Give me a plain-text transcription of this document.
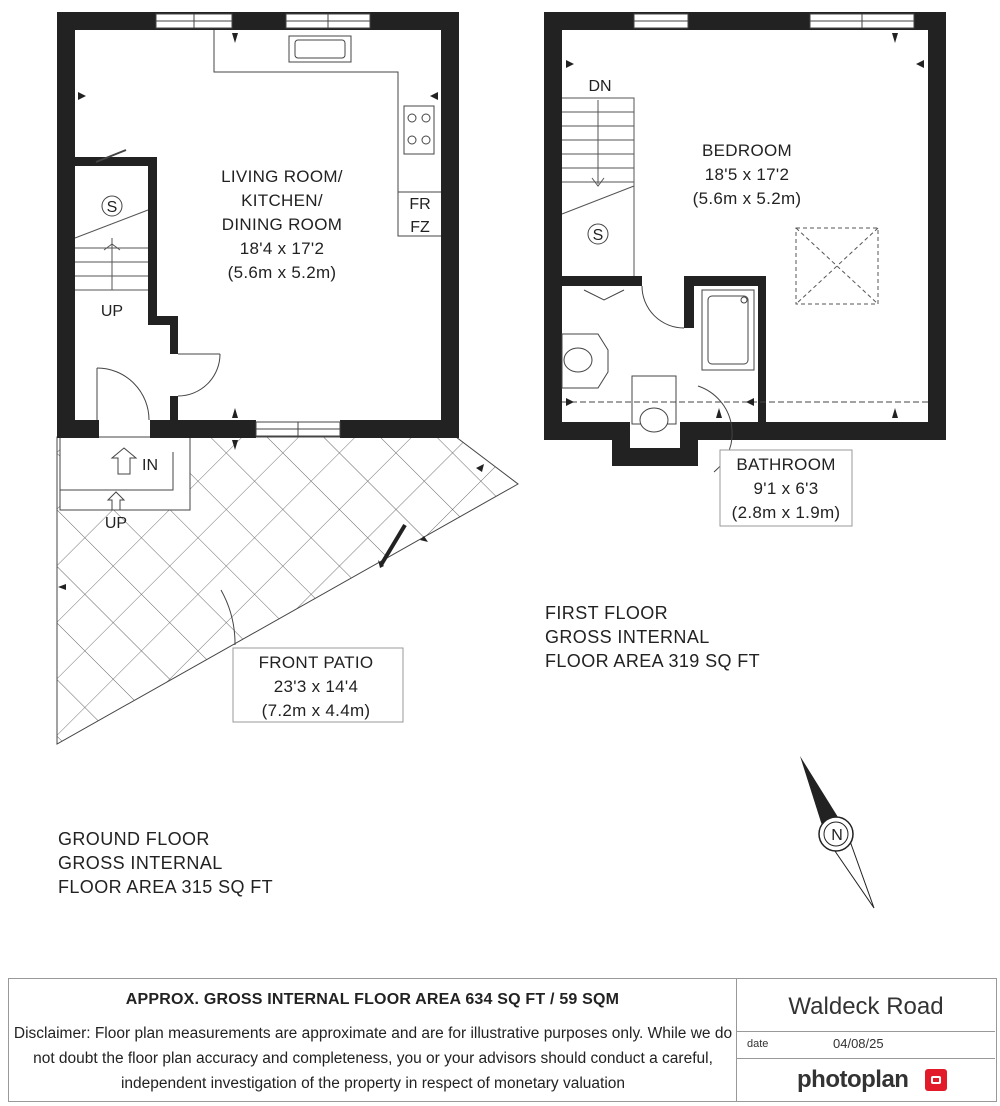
LIVING ROOM/
KITCHEN/
DINING ROOM
18'4 x 17'2
(5.6m x 5.2m)
FR
FZ
S
UP
IN
UP
FRONT PATIO
23'3 x 14'4
(7.2m x 4.4m)
GROUND FLOOR
GROSS INTERNAL
FLOOR AREA 315 SQ FT
DN
S
BEDROOM
18'5 x 17'2
(5.6m x 5.2m)
BATHROOM
9'1 x 6'3
(2.8m x 1.9m)
FIRST FLOOR
GROSS INTERNAL
FLOOR AREA 319 SQ FT
N
APPROX. GROSS INTERNAL FLOOR AREA 634 SQ FT / 59 SQM
Disclaimer: Floor plan measurements are approximate and are for illustrative purposes only. While we do not doubt the floor plan accuracy and completeness, you or your advisors should conduct a careful, independent investigation of the property in respect of monetary valuation
Waldeck Road
date	04/08/25
photoplan
